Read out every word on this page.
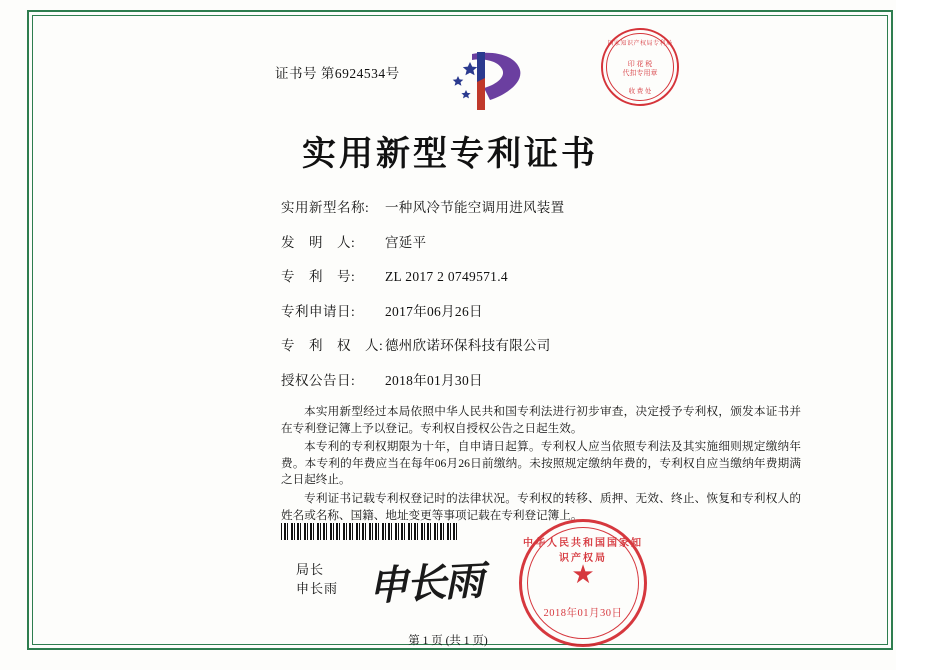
证书号 第6924534号
国家知识产权局专利局
印 花 税
代扣专用章
收 费 处
实用新型专利证书
实用新型名称:	一种风冷节能空调用进风装置
发　明　人:	宫延平
专　利　号:	ZL 2017 2 0749571.4
专利申请日:	2017年06月26日
专　利　权　人: 德州欣诺环保科技有限公司
授权公告日:	2018年01月30日

本实用新型经过本局依照中华人民共和国专利法进行初步审查，决定授予专利权，颁发本证书并在专利登记簿上予以登记。专利权自授权公告之日起生效。

本专利的专利权期限为十年，自申请日起算。专利权人应当依照专利法及其实施细则规定缴纳年费。本专利的年费应当在每年06月26日前缴纳。未按照规定缴纳年费的，专利权自应当缴纳年费期满之日起终止。

专利证书记载专利权登记时的法律状况。专利权的转移、质押、无效、终止、恢复和专利权人的姓名或名称、国籍、地址变更等事项记载在专利登记簿上。

局长
申长雨 申长雨
中华人民共和国国家知识产权局
★
2018年01月30日
第 1 页 (共 1 页)
